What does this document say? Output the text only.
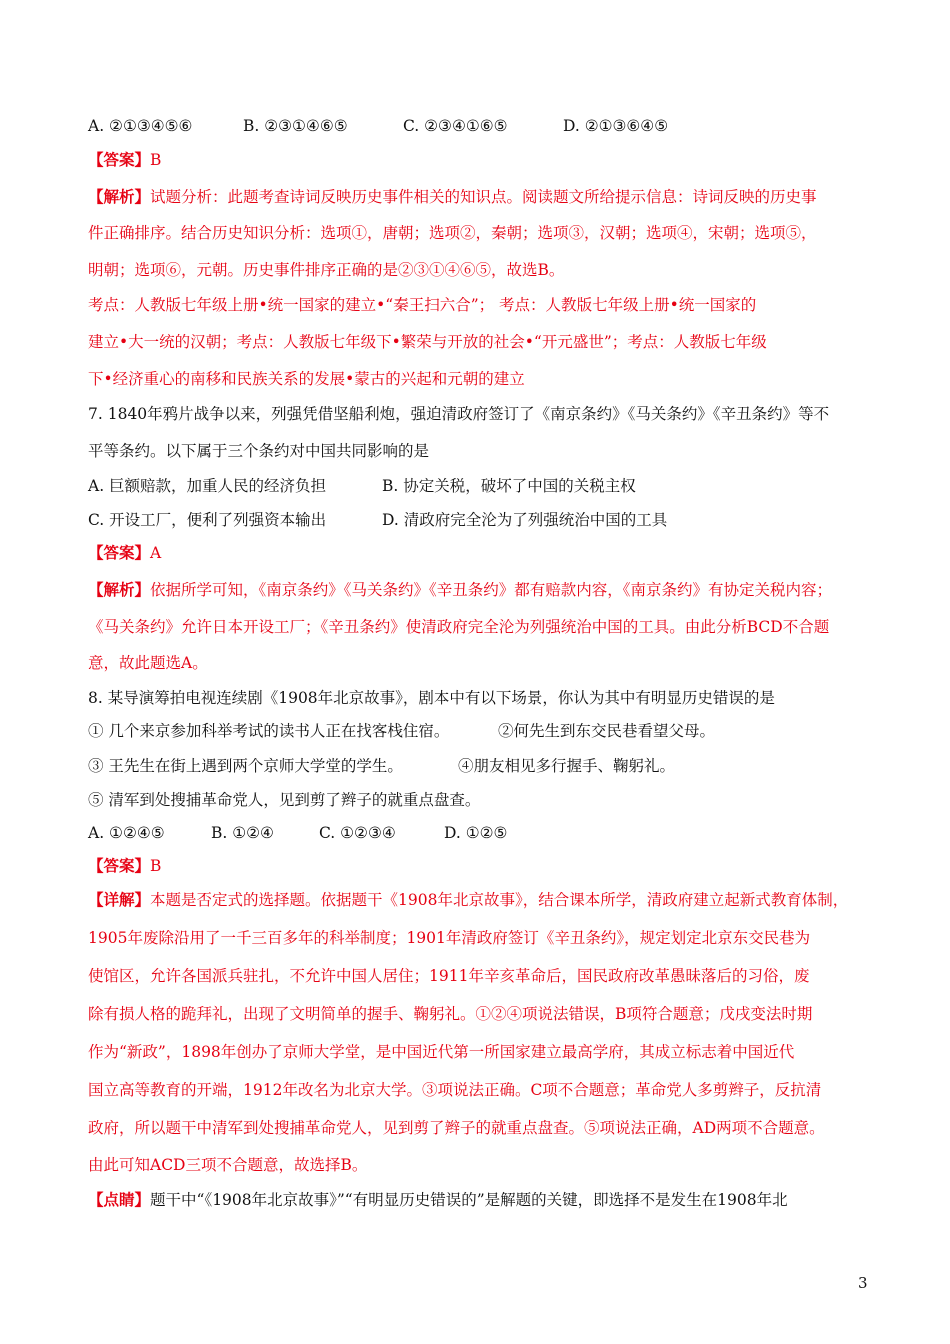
A. ②①③④⑤⑥	B. ②③①④⑥⑤	C. ②③④①⑥⑤	D. ②①③⑥④⑤
【答案】B
【解析】试题分析：此题考查诗词反映历史事件相关的知识点。阅读题文所给提示信息：诗词反映的历史事
件正确排序。结合历史知识分析：选项①，唐朝；选项②，秦朝；选项③，汉朝；选项④，宋朝；选项⑤，
明朝；选项⑥，元朝。历史事件排序正确的是②③①④⑥⑤，故选B。
考点：人教版七年级上册•统一国家的建立•“秦王扫六合”； 考点：人教版七年级上册•统一国家的
建立•大一统的汉朝；考点：人教版七年级下•繁荣与开放的社会•“开元盛世”；考点：人教版七年级
下•经济重心的南移和民族关系的发展•蒙古的兴起和元朝的建立
7. 1840年鸦片战争以来，列强凭借坚船利炮，强迫清政府签订了《南京条约》《马关条约》《辛丑条约》等不
平等条约。以下属于三个条约对中国共同影响的是
A. 巨额赔款，加重人民的经济负担	B. 协定关税，破坏了中国的关税主权
C. 开设工厂，便利了列强资本输出	D. 清政府完全沦为了列强统治中国的工具
【答案】A
【解析】依据所学可知，《南京条约》《马关条约》《辛丑条约》都有赔款内容，《南京条约》有协定关税内容；
《马关条约》允许日本开设工厂；《辛丑条约》使清政府完全沦为列强统治中国的工具。由此分析BCD不合题
意，故此题选A。
8. 某导演筹拍电视连续剧《1908年北京故事》，剧本中有以下场景，你认为其中有明显历史错误的是
① 几个来京参加科举考试的读书人正在找客栈住宿。	②何先生到东交民巷看望父母。
③ 王先生在街上遇到两个京师大学堂的学生。	④朋友相见多行握手、鞠躬礼。
⑤ 清军到处搜捕革命党人，见到剪了辫子的就重点盘查。
A. ①②④⑤	B. ①②④	C. ①②③④	D. ①②⑤
【答案】B
【详解】本题是否定式的选择题。依据题干《1908年北京故事》，结合课本所学，清政府建立起新式教育体制，
1905年废除沿用了一千三百多年的科举制度；1901年清政府签订《辛丑条约》，规定划定北京东交民巷为
使馆区，允许各国派兵驻扎，不允许中国人居住；1911年辛亥革命后，国民政府改革愚昧落后的习俗，废
除有损人格的跪拜礼，出现了文明简单的握手、鞠躬礼。①②④项说法错误，B项符合题意；戊戌变法时期
作为“新政”，1898年创办了京师大学堂，是中国近代第一所国家建立最高学府，其成立标志着中国近代
国立高等教育的开端，1912年改名为北京大学。③项说法正确。C项不合题意；革命党人多剪辫子，反抗清
政府，所以题干中清军到处搜捕革命党人，见到剪了辫子的就重点盘查。⑤项说法正确，AD两项不合题意。
由此可知ACD三项不合题意，故选择B。
【点睛】题干中“《1908年北京故事》”“有明显历史错误的”是解题的关键，即选择不是发生在1908年北
3
